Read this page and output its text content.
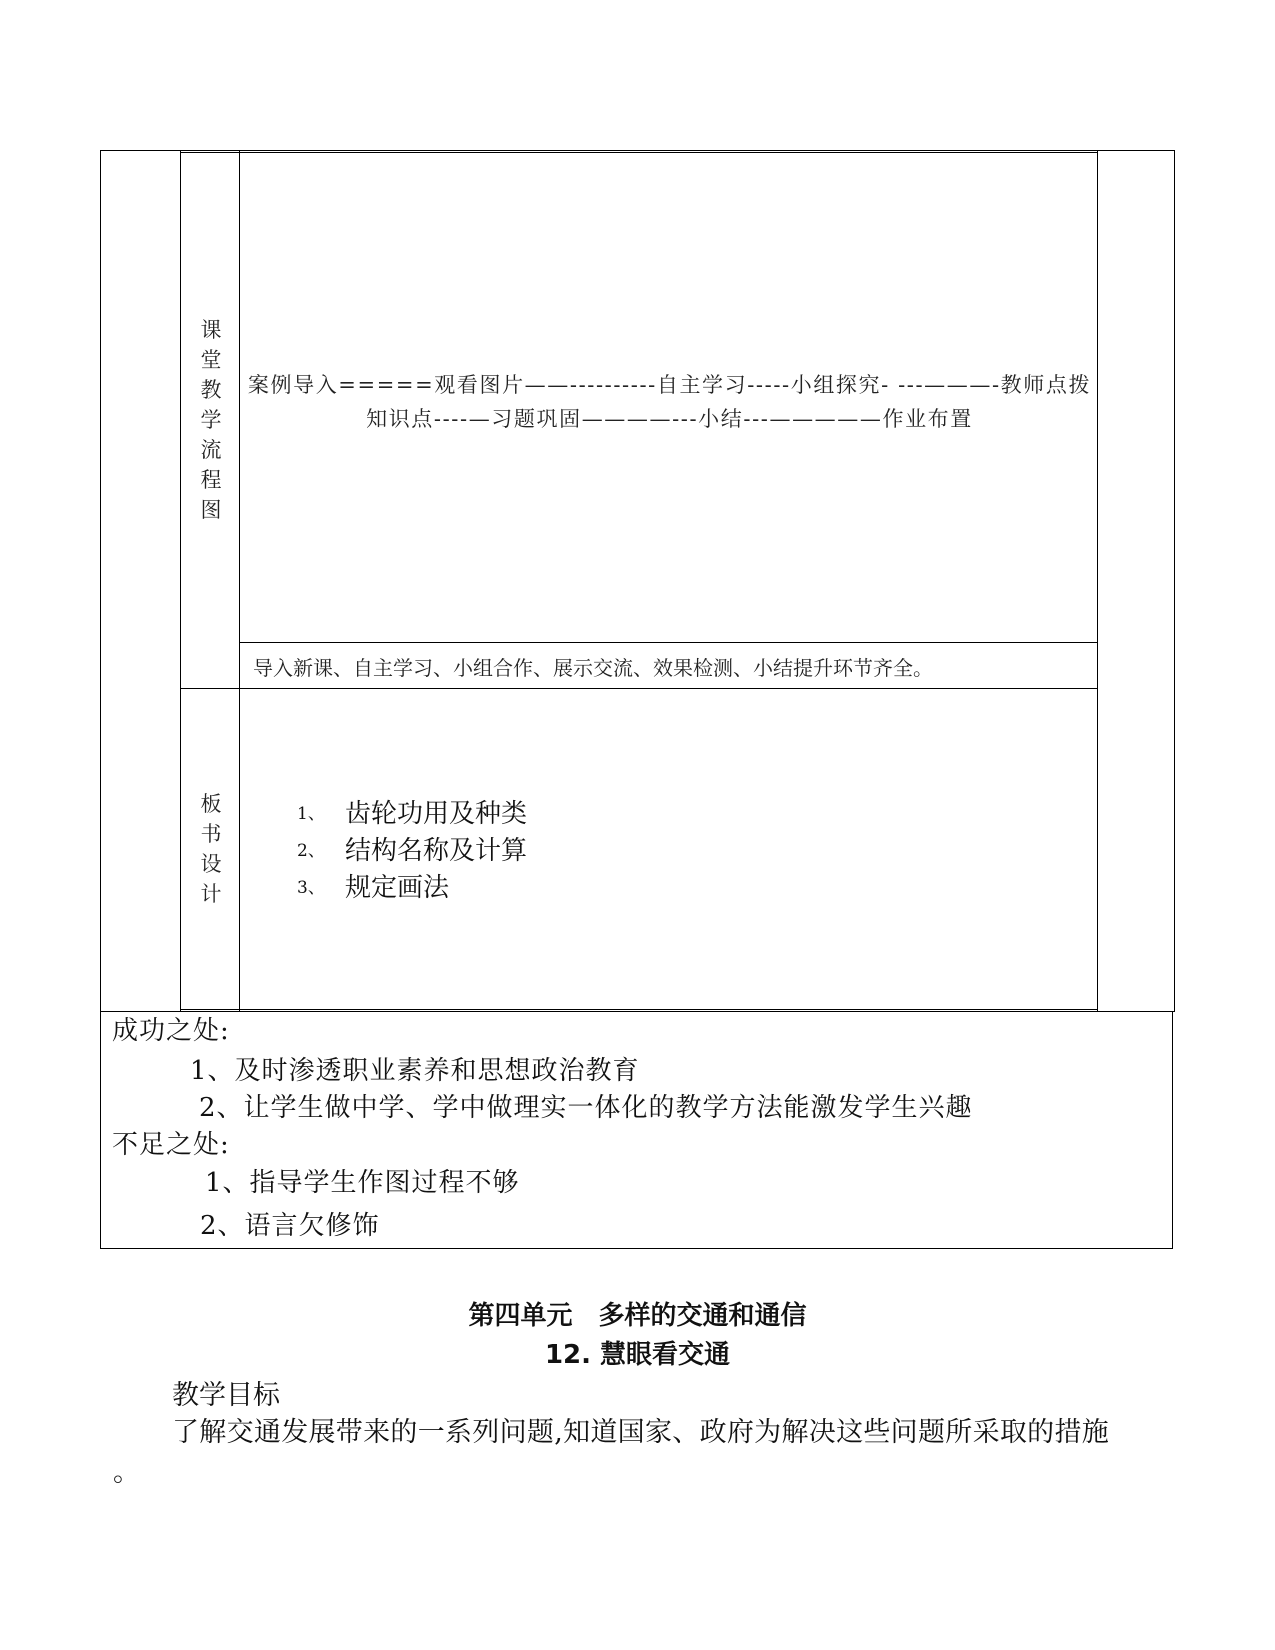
课
堂
教
学
流
程
图
案例导入=====观看图片——----------自主学习-----小组探究- ---———-教师点拨知识点----—习题巩固————---小结---—————作业布置
导入新课、自主学习、小组合作、展示交流、效果检测、小结提升环节齐全。
板
书
设
计
1、 齿轮功用及种类
2、 结构名称及计算
3、 规定画法
成功之处:
1、及时渗透职业素养和思想政治教育
2、让学生做中学、学中做理实一体化的教学方法能激发学生兴趣
不足之处:
1、指导学生作图过程不够
2、语言欠修饰
第四单元　多样的交通和通信
12. 慧眼看交通
教学目标
了解交通发展带来的一系列问题,知道国家、政府为解决这些问题所采取的措施
。
